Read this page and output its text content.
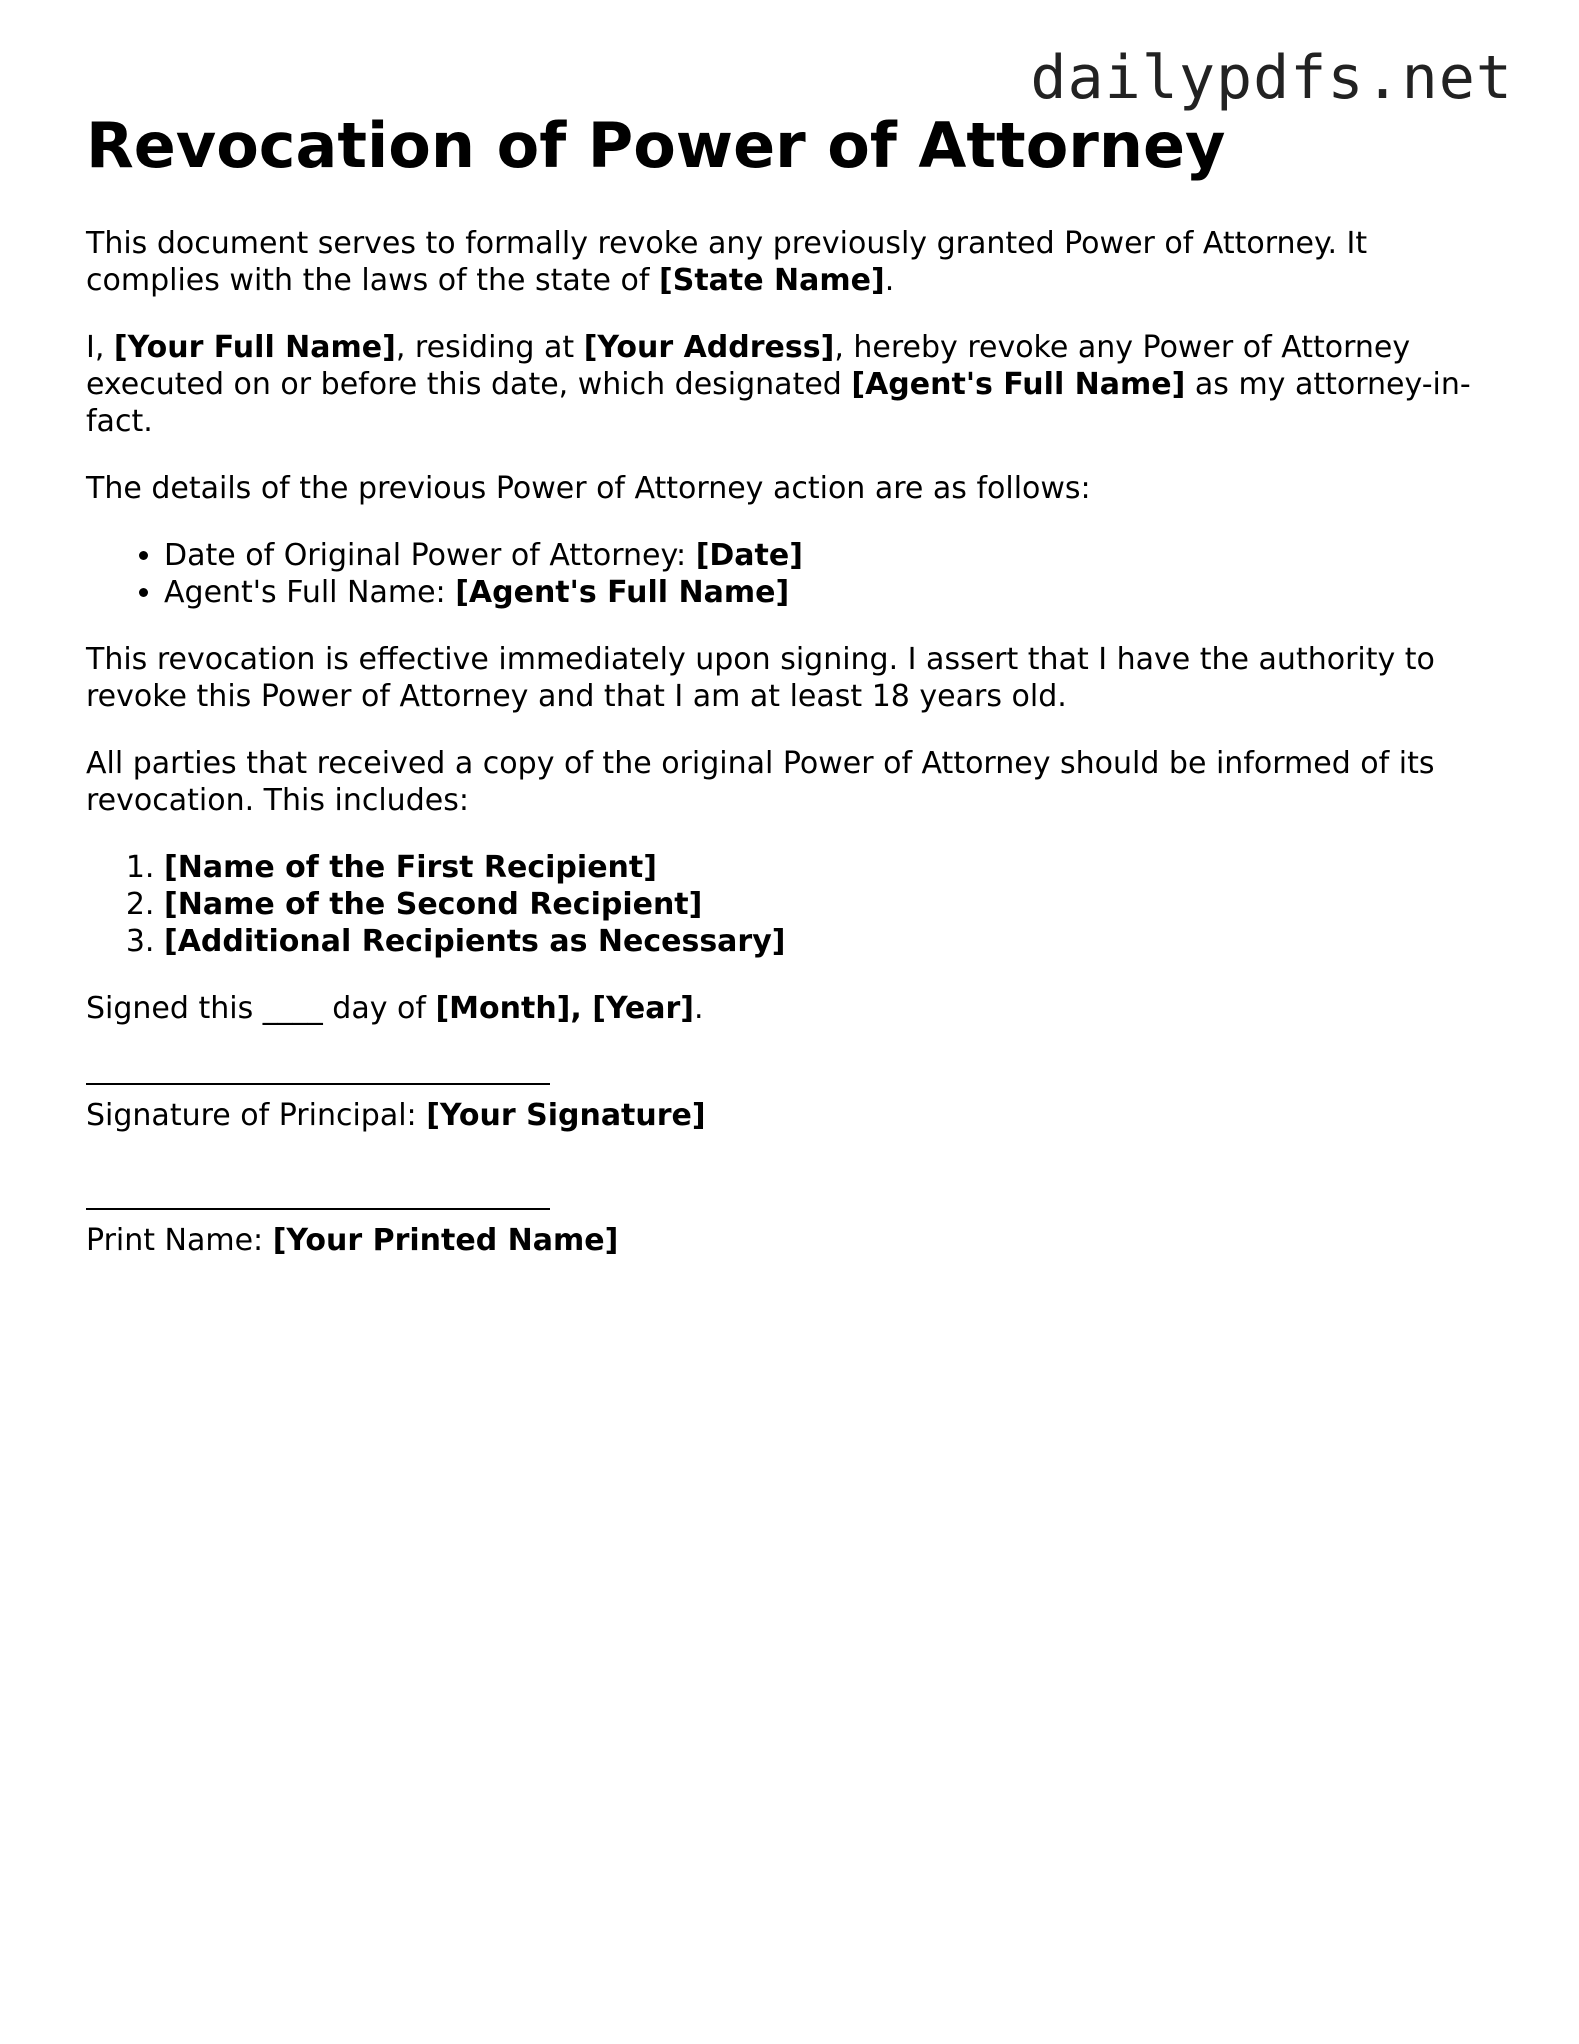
dailypdfs.net
Revocation of Power of Attorney

This document serves to formally revoke any previously granted Power of Attorney. It complies with the laws of the state of [State Name].

I, [Your Full Name], residing at [Your Address], hereby revoke any Power of Attorney executed on or before this date, which designated [Agent's Full Name] as my attorney-in-fact.

The details of the previous Power of Attorney action are as follows:

• Date of Original Power of Attorney: [Date]
• Agent's Full Name: [Agent's Full Name]

This revocation is effective immediately upon signing. I assert that I have the authority to revoke this Power of Attorney and that I am at least 18 years old.

All parties that received a copy of the original Power of Attorney should be informed of its revocation. This includes:

1. [Name of the First Recipient]
2. [Name of the Second Recipient]
3. [Additional Recipients as Necessary]

Signed this ____ day of [Month], [Year].

Signature of Principal: [Your Signature]
Print Name: [Your Printed Name]
